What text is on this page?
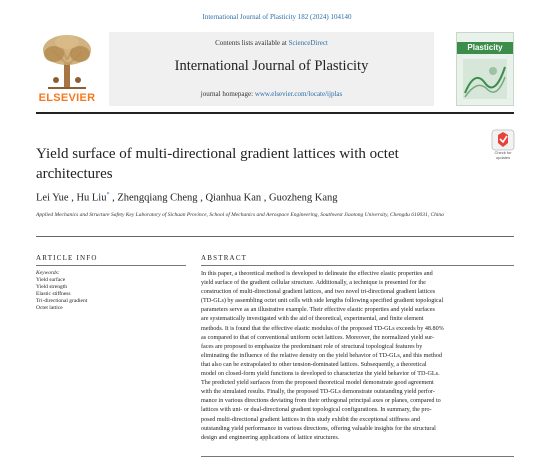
International Journal of Plasticity 182 (2024) 104140
ELSEVIER
Contents lists available at ScienceDirect
International Journal of Plasticity
journal homepage: www.elsevier.com/locate/ijplas
Plasticity
Check for
updates
Yield surface of multi-directional gradient lattices with octet architectures
Lei Yue , Hu Liu* , Zhengqiang Cheng , Qianhua Kan , Guozheng Kang
Applied Mechanics and Structure Safety Key Laboratory of Sichuan Province, School of Mechanics and Aerospace Engineering, Southwest Jiaotong University, Chengdu 610031, China
ARTICLE INFO	ABSTRACT
Keywords:
Yield surface
Yield strength
Elastic stiffness
Tri-directional gradient
Octet lattice
In this paper, a theoretical method is developed to delineate the effective elastic properties and
yield surface of the gradient cellular structure. Additionally, a technique is presented for the
construction of multi-directional gradient lattices, and two novel tri-directional gradient lattices
(TD-GLs) by assembling octet unit cells with side lengths following specified gradient topological
parameters serve as an illustrative example. Their effective elastic properties and yield surfaces
are systematically investigated with the aid of theoretical, experimental, and finite element
methods. It is found that the effective elastic modulus of the proposed TD-GLs exceeds by 48.80%
as compared to that of conventional uniform octet lattices. Moreover, the normalized yield sur-
faces are proposed to emphasize the predominant role of structural topological features by
eliminating the influence of the relative density on the yield behavior of TD-GLs, and this method
that also can be extrapolated to other tension-dominated lattices. Subsequently, a theoretical
model on closed-form yield functions is developed to characterize the yield behavior of TD-GLs.
The predicted yield surfaces from the proposed theoretical model demonstrate good agreement
with the simulated results. Finally, the proposed TD-GLs demonstrate outstanding yield perfor-
mance in various directions deviating from their orthogonal principal axes or planes, compared to
lattices with uni- or dual-directional gradient topological configurations. In summary, the pro-
posed multi-directional gradient lattices in this study exhibit the exceptional stiffness and
outstanding yield performance in various directions, offering valuable insights for the structural
design and engineering applications of lattice structures.
